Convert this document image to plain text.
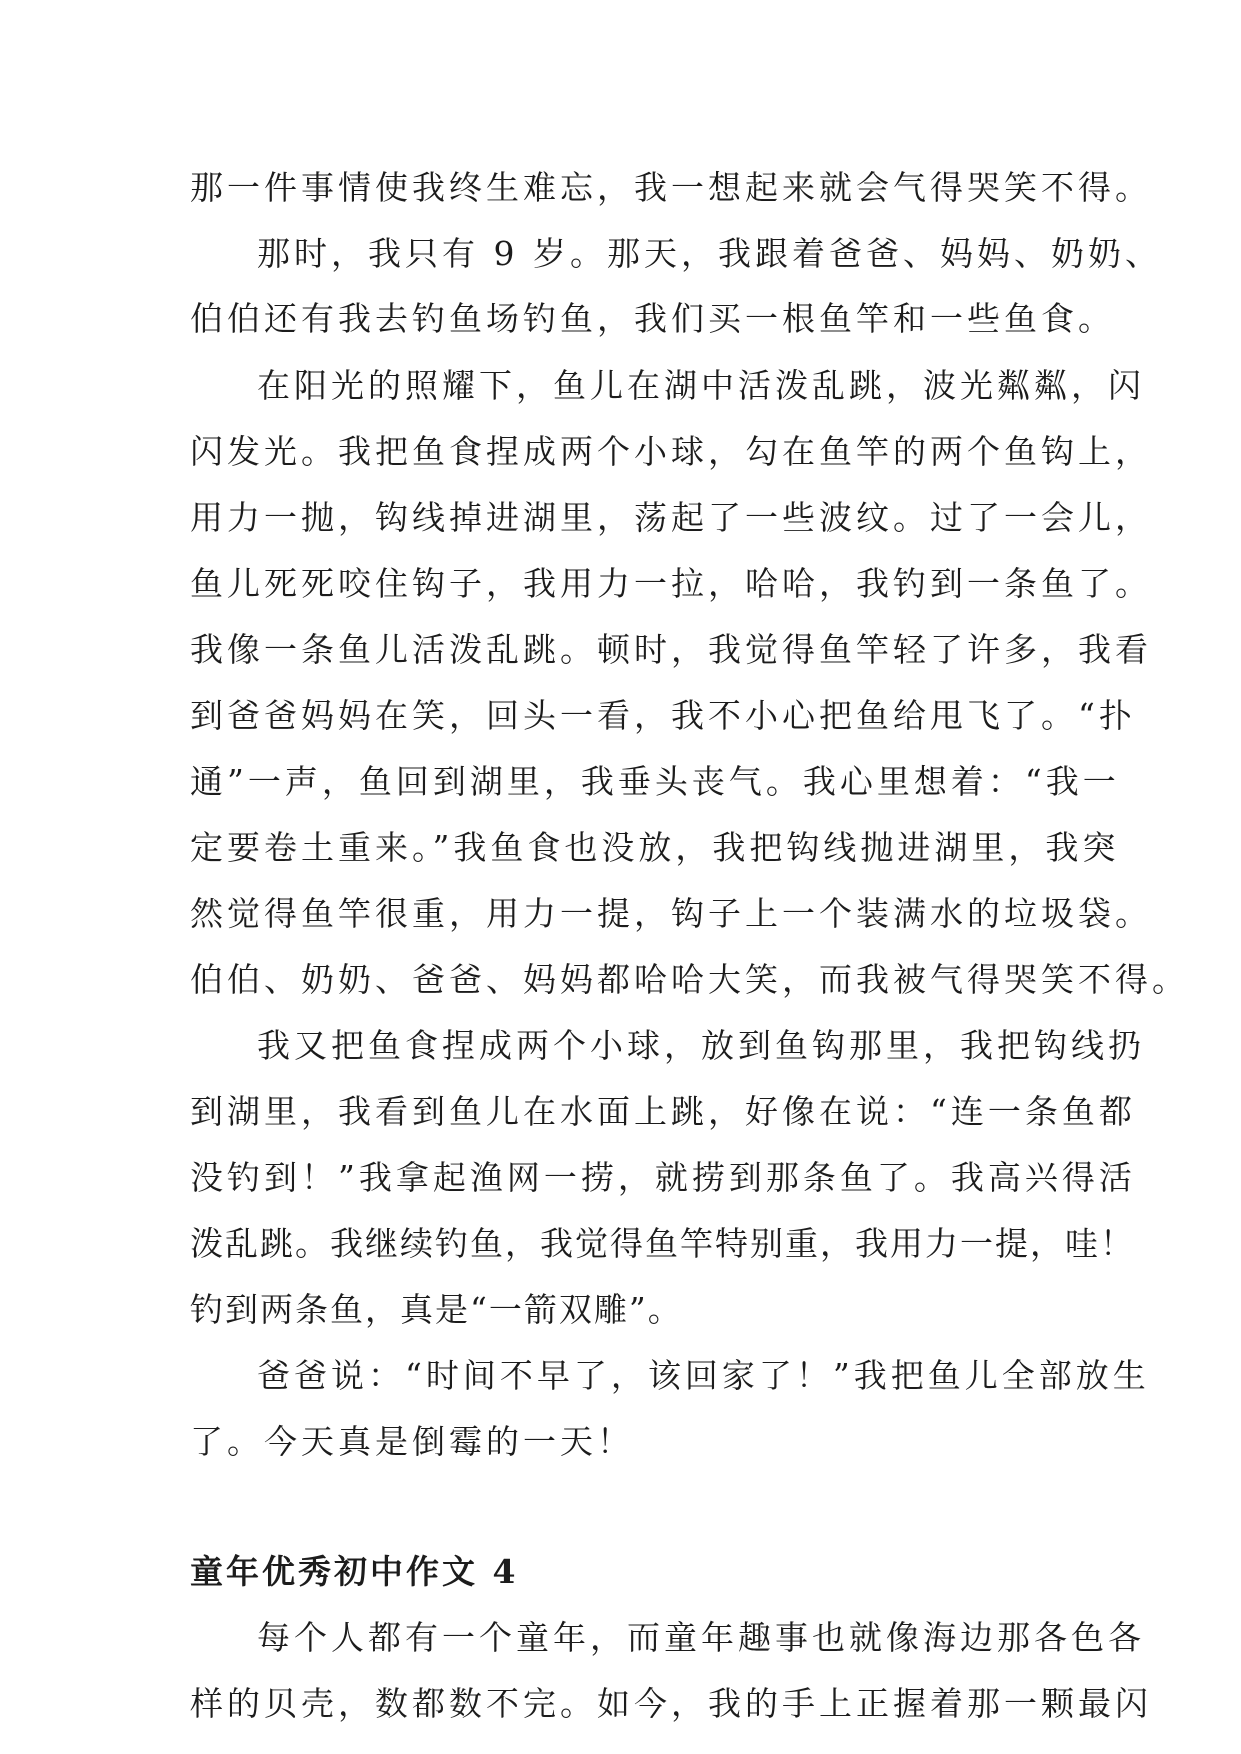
那一件事情使我终生难忘，我一想起来就会气得哭笑不得。

那时，我只有 9 岁。那天，我跟着爸爸、妈妈、奶奶、

伯伯还有我去钓鱼场钓鱼，我们买一根鱼竿和一些鱼食。

在阳光的照耀下，鱼儿在湖中活泼乱跳，波光粼粼，闪

闪发光。我把鱼食捏成两个小球，勾在鱼竿的两个鱼钩上，

用力一抛，钩线掉进湖里，荡起了一些波纹。过了一会儿，

鱼儿死死咬住钩子，我用力一拉，哈哈，我钓到一条鱼了。

我像一条鱼儿活泼乱跳。顿时，我觉得鱼竿轻了许多，我看

到爸爸妈妈在笑，回头一看，我不小心把鱼给甩飞了。“扑

通”一声，鱼回到湖里，我垂头丧气。我心里想着：“我一

定要卷土重来。”我鱼食也没放，我把钩线抛进湖里，我突

然觉得鱼竿很重，用力一提，钩子上一个装满水的垃圾袋。

伯伯、奶奶、爸爸、妈妈都哈哈大笑，而我被气得哭笑不得。

我又把鱼食捏成两个小球，放到鱼钩那里，我把钩线扔

到湖里，我看到鱼儿在水面上跳，好像在说：“连一条鱼都

没钓到！”我拿起渔网一捞，就捞到那条鱼了。我高兴得活

泼乱跳。我继续钓鱼，我觉得鱼竿特别重，我用力一提，哇！

钓到两条鱼，真是“一箭双雕”。

爸爸说：“时间不早了，该回家了！”我把鱼儿全部放生

了。今天真是倒霉的一天！

童年优秀初中作文 4

每个人都有一个童年，而童年趣事也就像海边那各色各

样的贝壳，数都数不完。如今，我的手上正握着那一颗最闪
